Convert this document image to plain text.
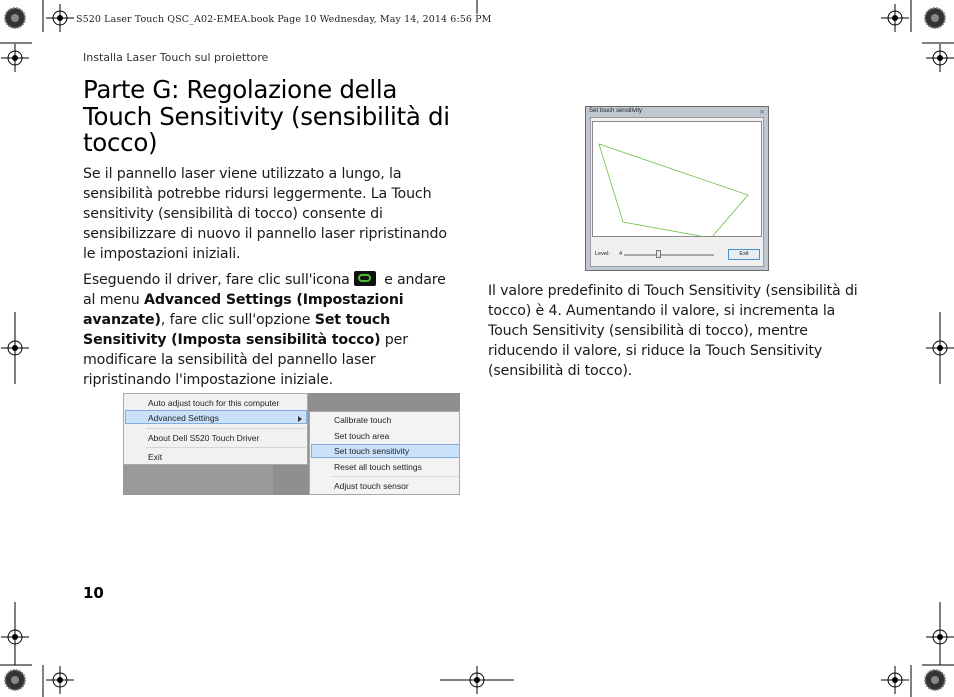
S520 Laser Touch QSC_A02-EMEA.book Page 10 Wednesday, May 14, 2014 6:56 PM
Installa Laser Touch sul proiettore
Parte G: Regolazione della Touch Sensitivity (sensibilità di tocco)

Se il pannello laser viene utilizzato a lungo, la sensibilità potrebbe ridursi leggermente. La Touch sensitivity (sensibilità di tocco) consente di sensibilizzare di nuovo il pannello laser ripristinando le impostazioni iniziali.

Eseguendo il driver, fare clic sull'icona e andare al menu Advanced Settings (Impostazioni avanzate), fare clic sull'opzione Set touch Sensitivity (Imposta sensibilità tocco) per modificare la sensibilità del pannello laser ripristinando l'impostazione iniziale.

Auto adjust touch for this computer
Advanced Settings
About Dell S520 Touch Driver
Exit
Calibrate touch
Set touch area
Set touch sensitivity
Reset all touch settings
Adjust touch sensor
Set touch sensitivity	×
Level: 4	Exit

Il valore predefinito di Touch Sensitivity (sensibilità di tocco) è 4. Aumentando il valore, si incrementa la Touch Sensitivity (sensibilità di tocco), mentre riducendo il valore, si riduce la Touch Sensitivity (sensibilità di tocco).

10
